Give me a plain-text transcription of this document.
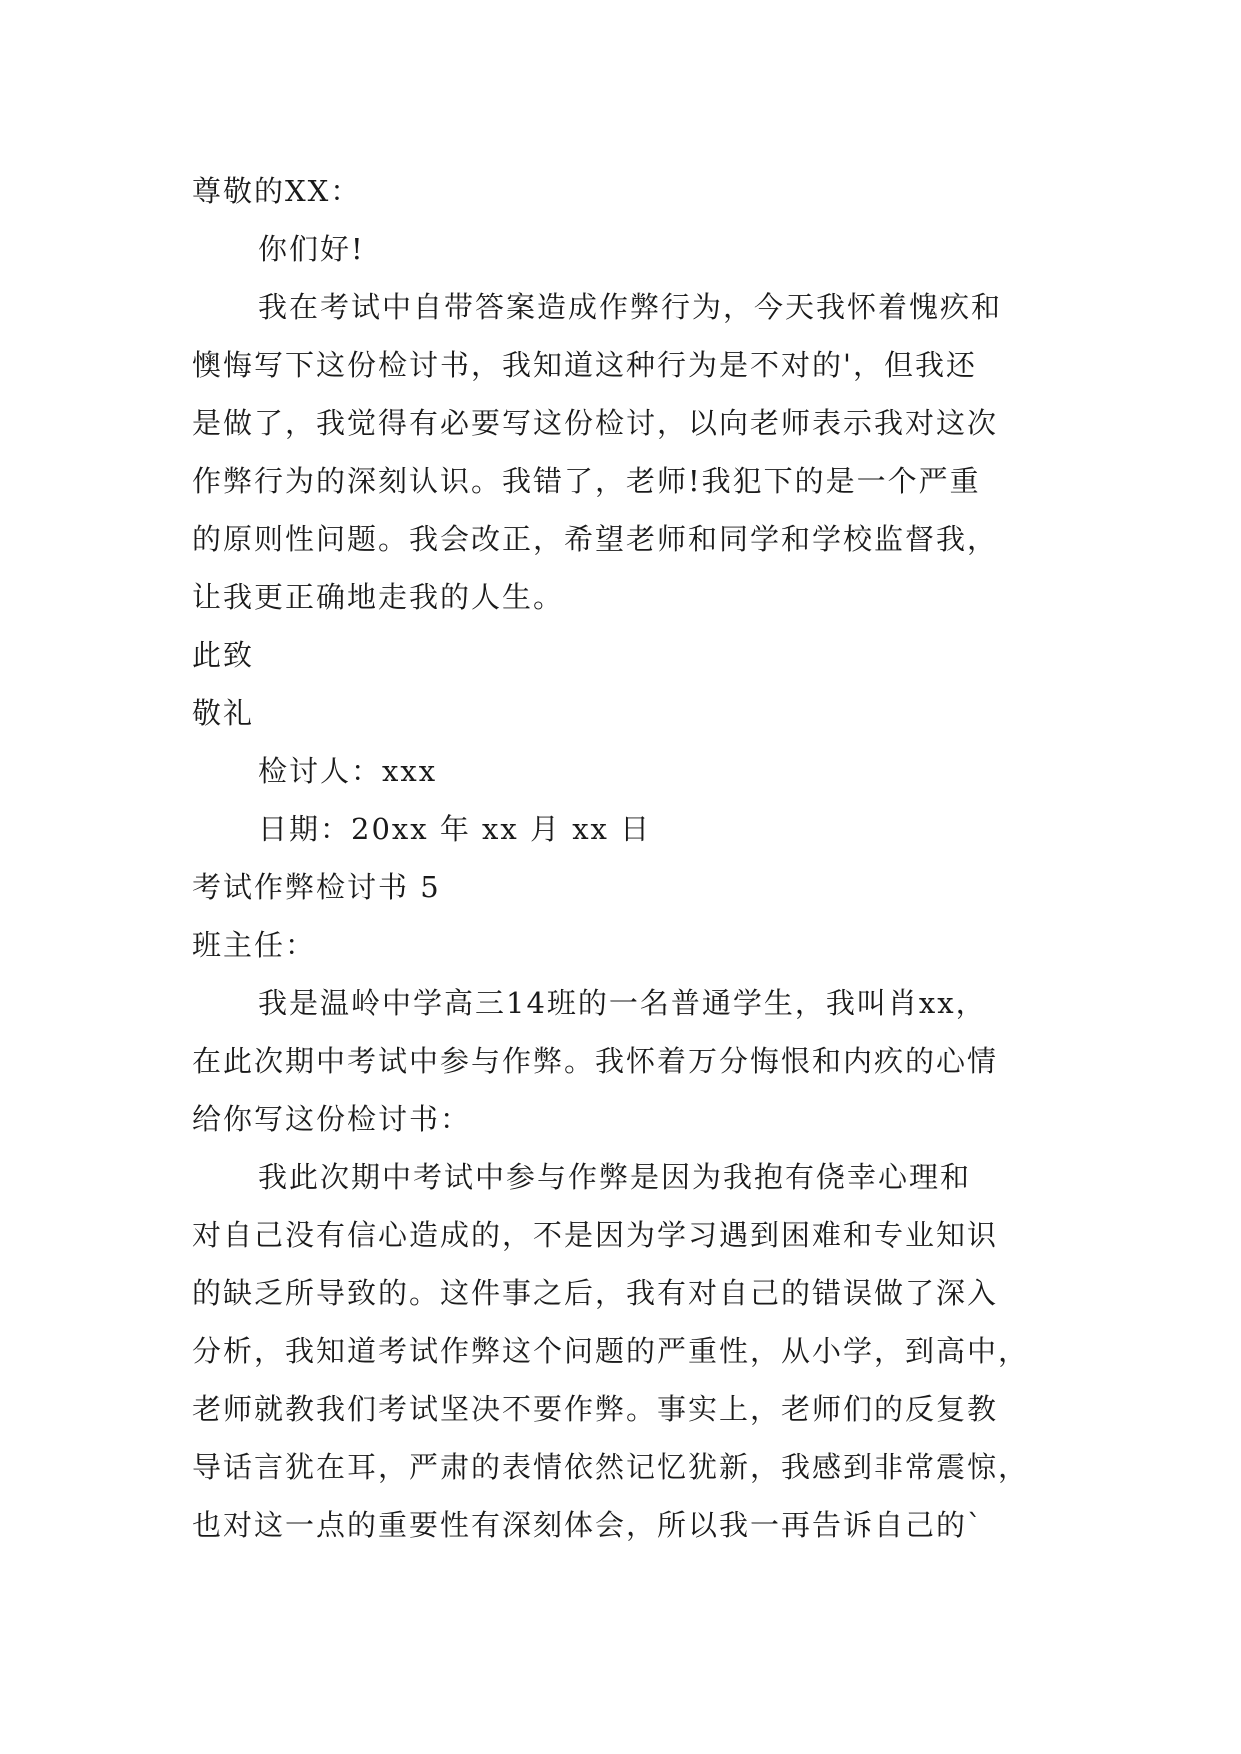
尊敬的XX：
你们好!
我在考试中自带答案造成作弊行为，今天我怀着愧疚和
懊悔写下这份检讨书，我知道这种行为是不对的'，但我还
是做了，我觉得有必要写这份检讨，以向老师表示我对这次
作弊行为的深刻认识。我错了，老师!我犯下的是一个严重
的原则性问题。我会改正，希望老师和同学和学校监督我，
让我更正确地走我的人生。
此致
敬礼
检讨人：xxx
日期：20xx 年 xx 月 xx 日
考试作弊检讨书 5
班主任：
我是温岭中学高三14班的一名普通学生，我叫肖xx，
在此次期中考试中参与作弊。我怀着万分悔恨和内疚的心情
给你写这份检讨书：
我此次期中考试中参与作弊是因为我抱有侥幸心理和
对自己没有信心造成的，不是因为学习遇到困难和专业知识
的缺乏所导致的。这件事之后，我有对自己的错误做了深入
分析，我知道考试作弊这个问题的严重性，从小学，到高中，
老师就教我们考试坚决不要作弊。事实上，老师们的反复教
导话言犹在耳，严肃的表情依然记忆犹新，我感到非常震惊，
也对这一点的重要性有深刻体会，所以我一再告诉自己的`
